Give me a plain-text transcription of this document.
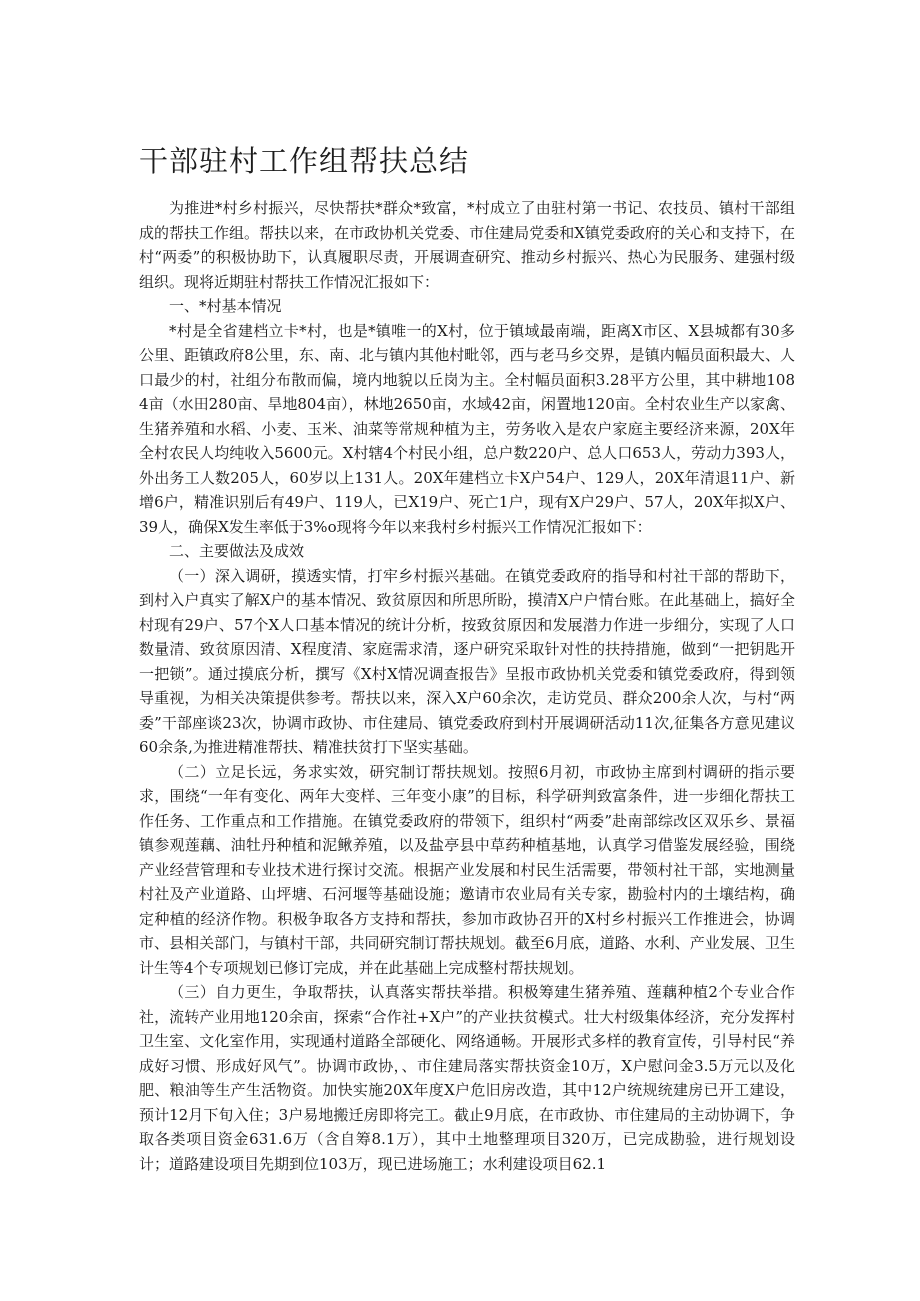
干部驻村工作组帮扶总结

为推进*村乡村振兴，尽快帮扶*群众*致富，*村成立了由驻村第一书记、农技员、镇村干部组成的帮扶工作组。帮扶以来，在市政协机关党委、市住建局党委和X镇党委政府的关心和支持下，在村“两委”的积极协助下，认真履职尽责，开展调查研究、推动乡村振兴、热心为民服务、建强村级组织。现将近期驻村帮扶工作情况汇报如下：

一、*村基本情况

*村是全省建档立卡*村，也是*镇唯一的X村，位于镇域最南端，距离X市区、X县城都有30多公里、距镇政府8公里，东、南、北与镇内其他村毗邻，西与老马乡交界，是镇内幅员面积最大、人口最少的村，社组分布散而偏，境内地貌以丘岗为主。全村幅员面积3.28平方公里，其中耕地1084亩（水田280亩、旱地804亩），林地2650亩，水域42亩，闲置地120亩。全村农业生产以家禽、生猪养殖和水稻、小麦、玉米、油菜等常规种植为主，劳务收入是农户家庭主要经济来源，20X年全村农民人均纯收入5600元。X村辖4个村民小组，总户数220户、总人口653人，劳动力393人，外出务工人数205人，60岁以上131人。20X年建档立卡X户54户、129人，20X年清退11户、新增6户，精准识别后有49户、119人，已X19户、死亡1户，现有X户29户、57人，20X年拟X户、39人，确保X发生率低于3%o现将今年以来我村乡村振兴工作情况汇报如下：

二、主要做法及成效

（一）深入调研，摸透实情，打牢乡村振兴基础。在镇党委政府的指导和村社干部的帮助下，到村入户真实了解X户的基本情况、致贫原因和所思所盼，摸清X户户情台账。在此基础上，搞好全村现有29户、57个X人口基本情况的统计分析，按致贫原因和发展潜力作进一步细分，实现了人口数量清、致贫原因清、X程度清、家庭需求清，逐户研究采取针对性的扶持措施，做到“一把钥匙开一把锁”。通过摸底分析，撰写《X村X情况调查报告》呈报市政协机关党委和镇党委政府，得到领导重视，为相关决策提供参考。帮扶以来，深入X户60余次，走访党员、群众200余人次，与村“两委”干部座谈23次，协调市政协、市住建局、镇党委政府到村开展调研活动11次,征集各方意见建议60余条,为推进精准帮扶、精准扶贫打下坚实基础。

（二）立足长远，务求实效，研究制订帮扶规划。按照6月初，市政协主席到村调研的指示要求，围绕“一年有变化、两年大变样、三年变小康”的目标，科学研判致富条件，进一步细化帮扶工作任务、工作重点和工作措施。在镇党委政府的带领下，组织村“两委”赴南部综改区双乐乡、景福镇参观莲藕、油牡丹种植和泥鳅养殖，以及盐亭县中草药种植基地，认真学习借鉴发展经验，围绕产业经营管理和专业技术进行探讨交流。根据产业发展和村民生活需要，带领村社干部，实地测量村社及产业道路、山坪塘、石河堰等基础设施；邀请市农业局有关专家，勘验村内的土壤结构，确定种植的经济作物。积极争取各方支持和帮扶，参加市政协召开的X村乡村振兴工作推进会，协调市、县相关部门，与镇村干部，共同研究制订帮扶规划。截至6月底，道路、水利、产业发展、卫生计生等4个专项规划已修订完成，并在此基础上完成整村帮扶规划。

（三）自力更生，争取帮扶，认真落实帮扶举措。积极筹建生猪养殖、莲藕种植2个专业合作社，流转产业用地120余亩，探索“合作社+X户”的产业扶贫模式。壮大村级集体经济，充分发挥村卫生室、文化室作用，实现通村道路全部硬化、网络通畅。开展形式多样的教育宣传，引导村民“养成好习惯、形成好风气”。协调市政协，、市住建局落实帮扶资金10万，X户慰问金3.5万元以及化肥、粮油等生产生活物资。加快实施20X年度X户危旧房改造，其中12户统规统建房已开工建设，预计12月下旬入住；3户易地搬迁房即将完工。截止9月底，在市政协、市住建局的主动协调下，争取各类项目资金631.6万（含自筹8.1万），其中土地整理项目320万，已完成勘验，进行规划设计；道路建设项目先期到位103万，现已进场施工；水利建设项目62.1
